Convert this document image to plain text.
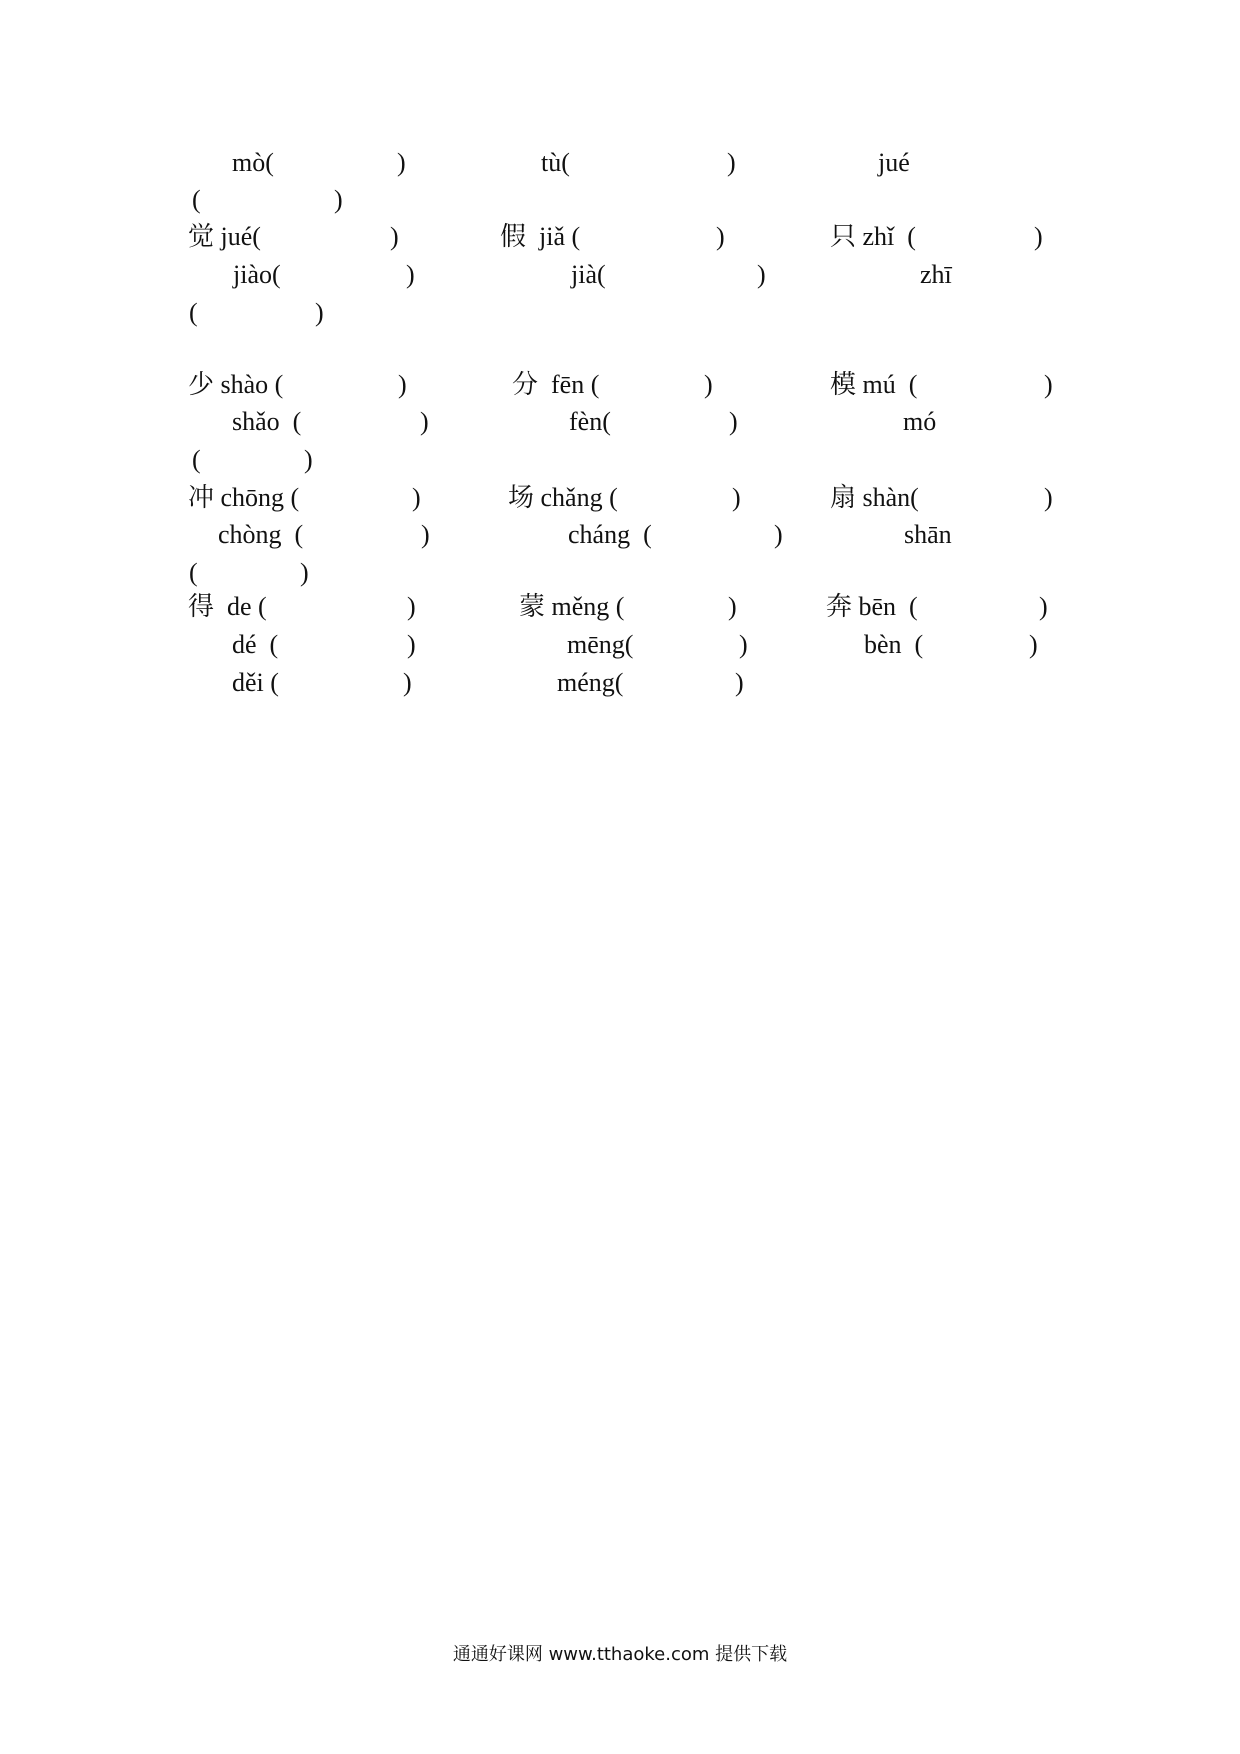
mò(	)	tù(	)	jué
(	)
觉 jué(	)	假  jiǎ (	)	只 zhǐ  (	)
jiào(	)	jià(	)	zhī
(	)
少 shào (	)	分  fēn (	)	模 mú  (	)
shǎo  (	)	fèn(	)	mó
(	)
冲 chōng (	)	场 chǎng (	)	扇 shàn(	)
chòng  (	)	cháng  (	)	shān
(	)
得  de (	)	蒙 měng (	)	奔 bēn  (	)
dé  (	)	mēng(	)	bèn  (	)
děi (	)	méng(	)
通通好课网 www.tthaoke.com 提供下载
